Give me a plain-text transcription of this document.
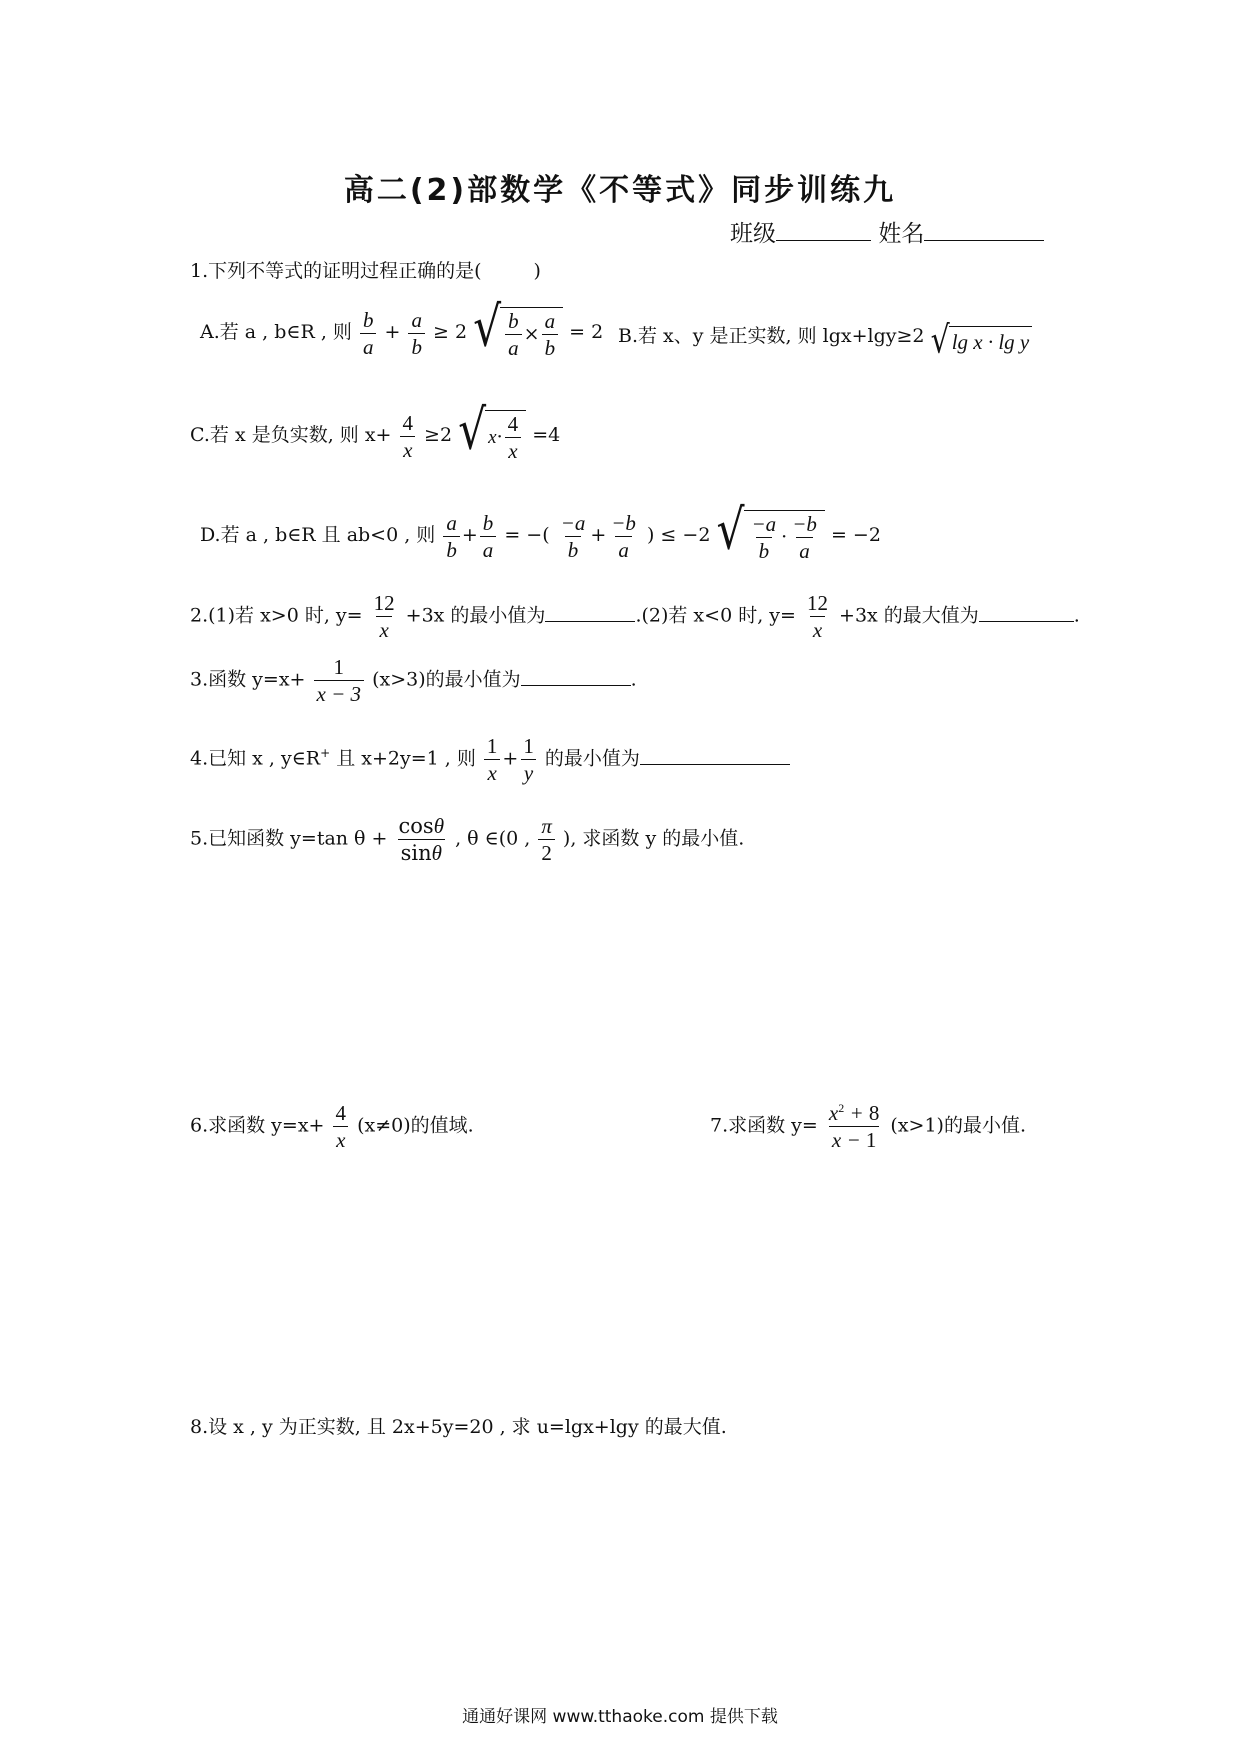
高二(2)部数学《不等式》同步训练九
班级	姓名
1.下列不等式的证明过程正确的是(	)
A.若 a , b∈R , 则 $\frac{b}{a} + \frac{a}{b} \ge 2$ √ $\frac{b}{a} \times \frac{a}{b} = 2$ B.若 x、y 是正实数, 则 lgx+lgy≥2 √ lg x · lg y
C.若 x 是负实数, 则 $x+ \frac{4}{x} \ge 2$ √ $x \cdot \frac{4}{x} =4$
D.若 a , b∈R 且 ab<0 , 则 $\frac{a}{b} + \frac{b}{a}$ = −( $\frac{-a}{b} + \frac{-b}{a}$ ) ≤ −2 √ $\frac{-a}{b} \cdot \frac{-b}{a} = -2$
2.(1)若 x>0 时, $y= \frac{12}{x} +3x$ 的最小值为	.(2)若 x<0 时, $y= \frac{12}{x} +3x$ 的最大值为	.
3.函数 $y=x+ \frac{1}{x - 3} (x>3)$的最小值为	.
4.已知 x , y∈R+ 且 x+2y=1 , 则 $\frac{1}{x} + \frac{1}{y}$ 的最小值为
5.已知函数 y=tan $\theta + \frac{\cos\theta}{\sin\theta}$ , θ ∈(0 , $\frac{\pi}{2}$ ), 求函数 y 的最小值.
6.求函数 $y=x+ \frac{4}{x} (x\ne 0)$的值域.	7.求函数 $y= \frac{x^2 + 8}{x - 1} (x>1)$的最小值.
8.设 x , y 为正实数, 且 2x+5y=20 , 求 u=lgx+lgy 的最大值.
通通好课网 www.tthaoke.com 提供下载
